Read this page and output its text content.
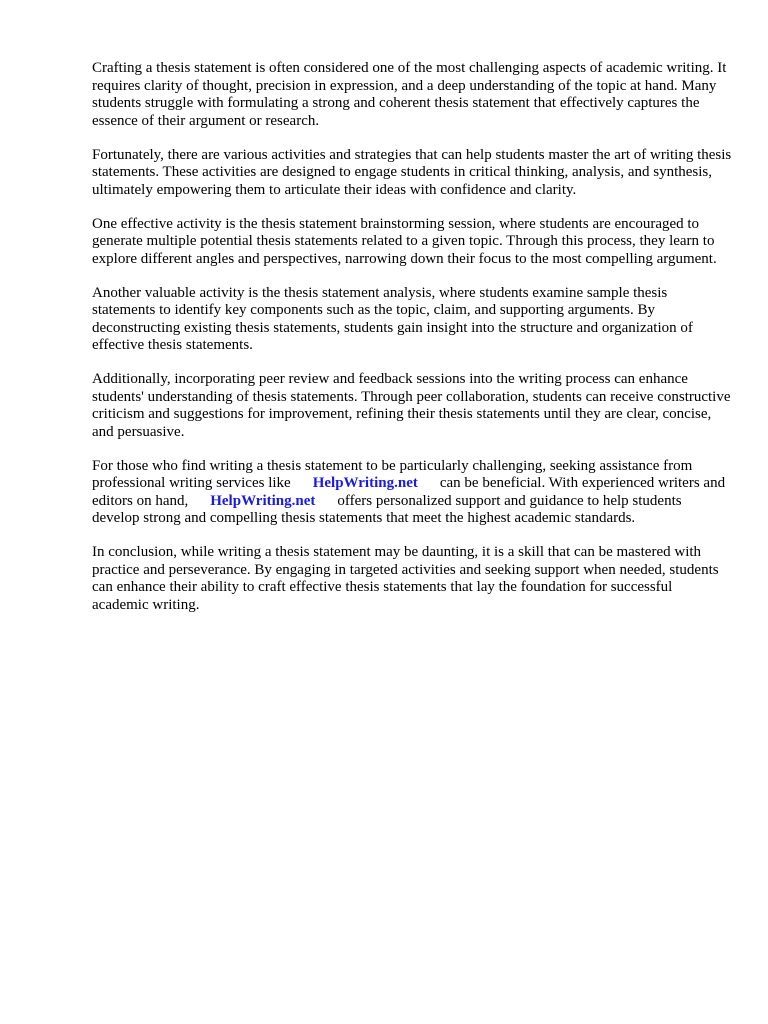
Crafting a thesis statement is often considered one of the most challenging aspects of academic writing. It requires clarity of thought, precision in expression, and a deep understanding of the topic at hand. Many students struggle with formulating a strong and coherent thesis statement that effectively captures the essence of their argument or research.

Fortunately, there are various activities and strategies that can help students master the art of writing thesis statements. These activities are designed to engage students in critical thinking, analysis, and synthesis, ultimately empowering them to articulate their ideas with confidence and clarity.

One effective activity is the thesis statement brainstorming session, where students are encouraged to generate multiple potential thesis statements related to a given topic. Through this process, they learn to explore different angles and perspectives, narrowing down their focus to the most compelling argument.

Another valuable activity is the thesis statement analysis, where students examine sample thesis statements to identify key components such as the topic, claim, and supporting arguments. By deconstructing existing thesis statements, students gain insight into the structure and organization of effective thesis statements.

Additionally, incorporating peer review and feedback sessions into the writing process can enhance students' understanding of thesis statements. Through peer collaboration, students can receive constructive criticism and suggestions for improvement, refining their thesis statements until they are clear, concise, and persuasive.

For those who find writing a thesis statement to be particularly challenging, seeking assistance from professional writing services like HelpWriting.net can be beneficial. With experienced writers and editors on hand, HelpWriting.net offers personalized support and guidance to help students develop strong and compelling thesis statements that meet the highest academic standards.

In conclusion, while writing a thesis statement may be daunting, it is a skill that can be mastered with practice and perseverance. By engaging in targeted activities and seeking support when needed, students can enhance their ability to craft effective thesis statements that lay the foundation for successful academic writing.
